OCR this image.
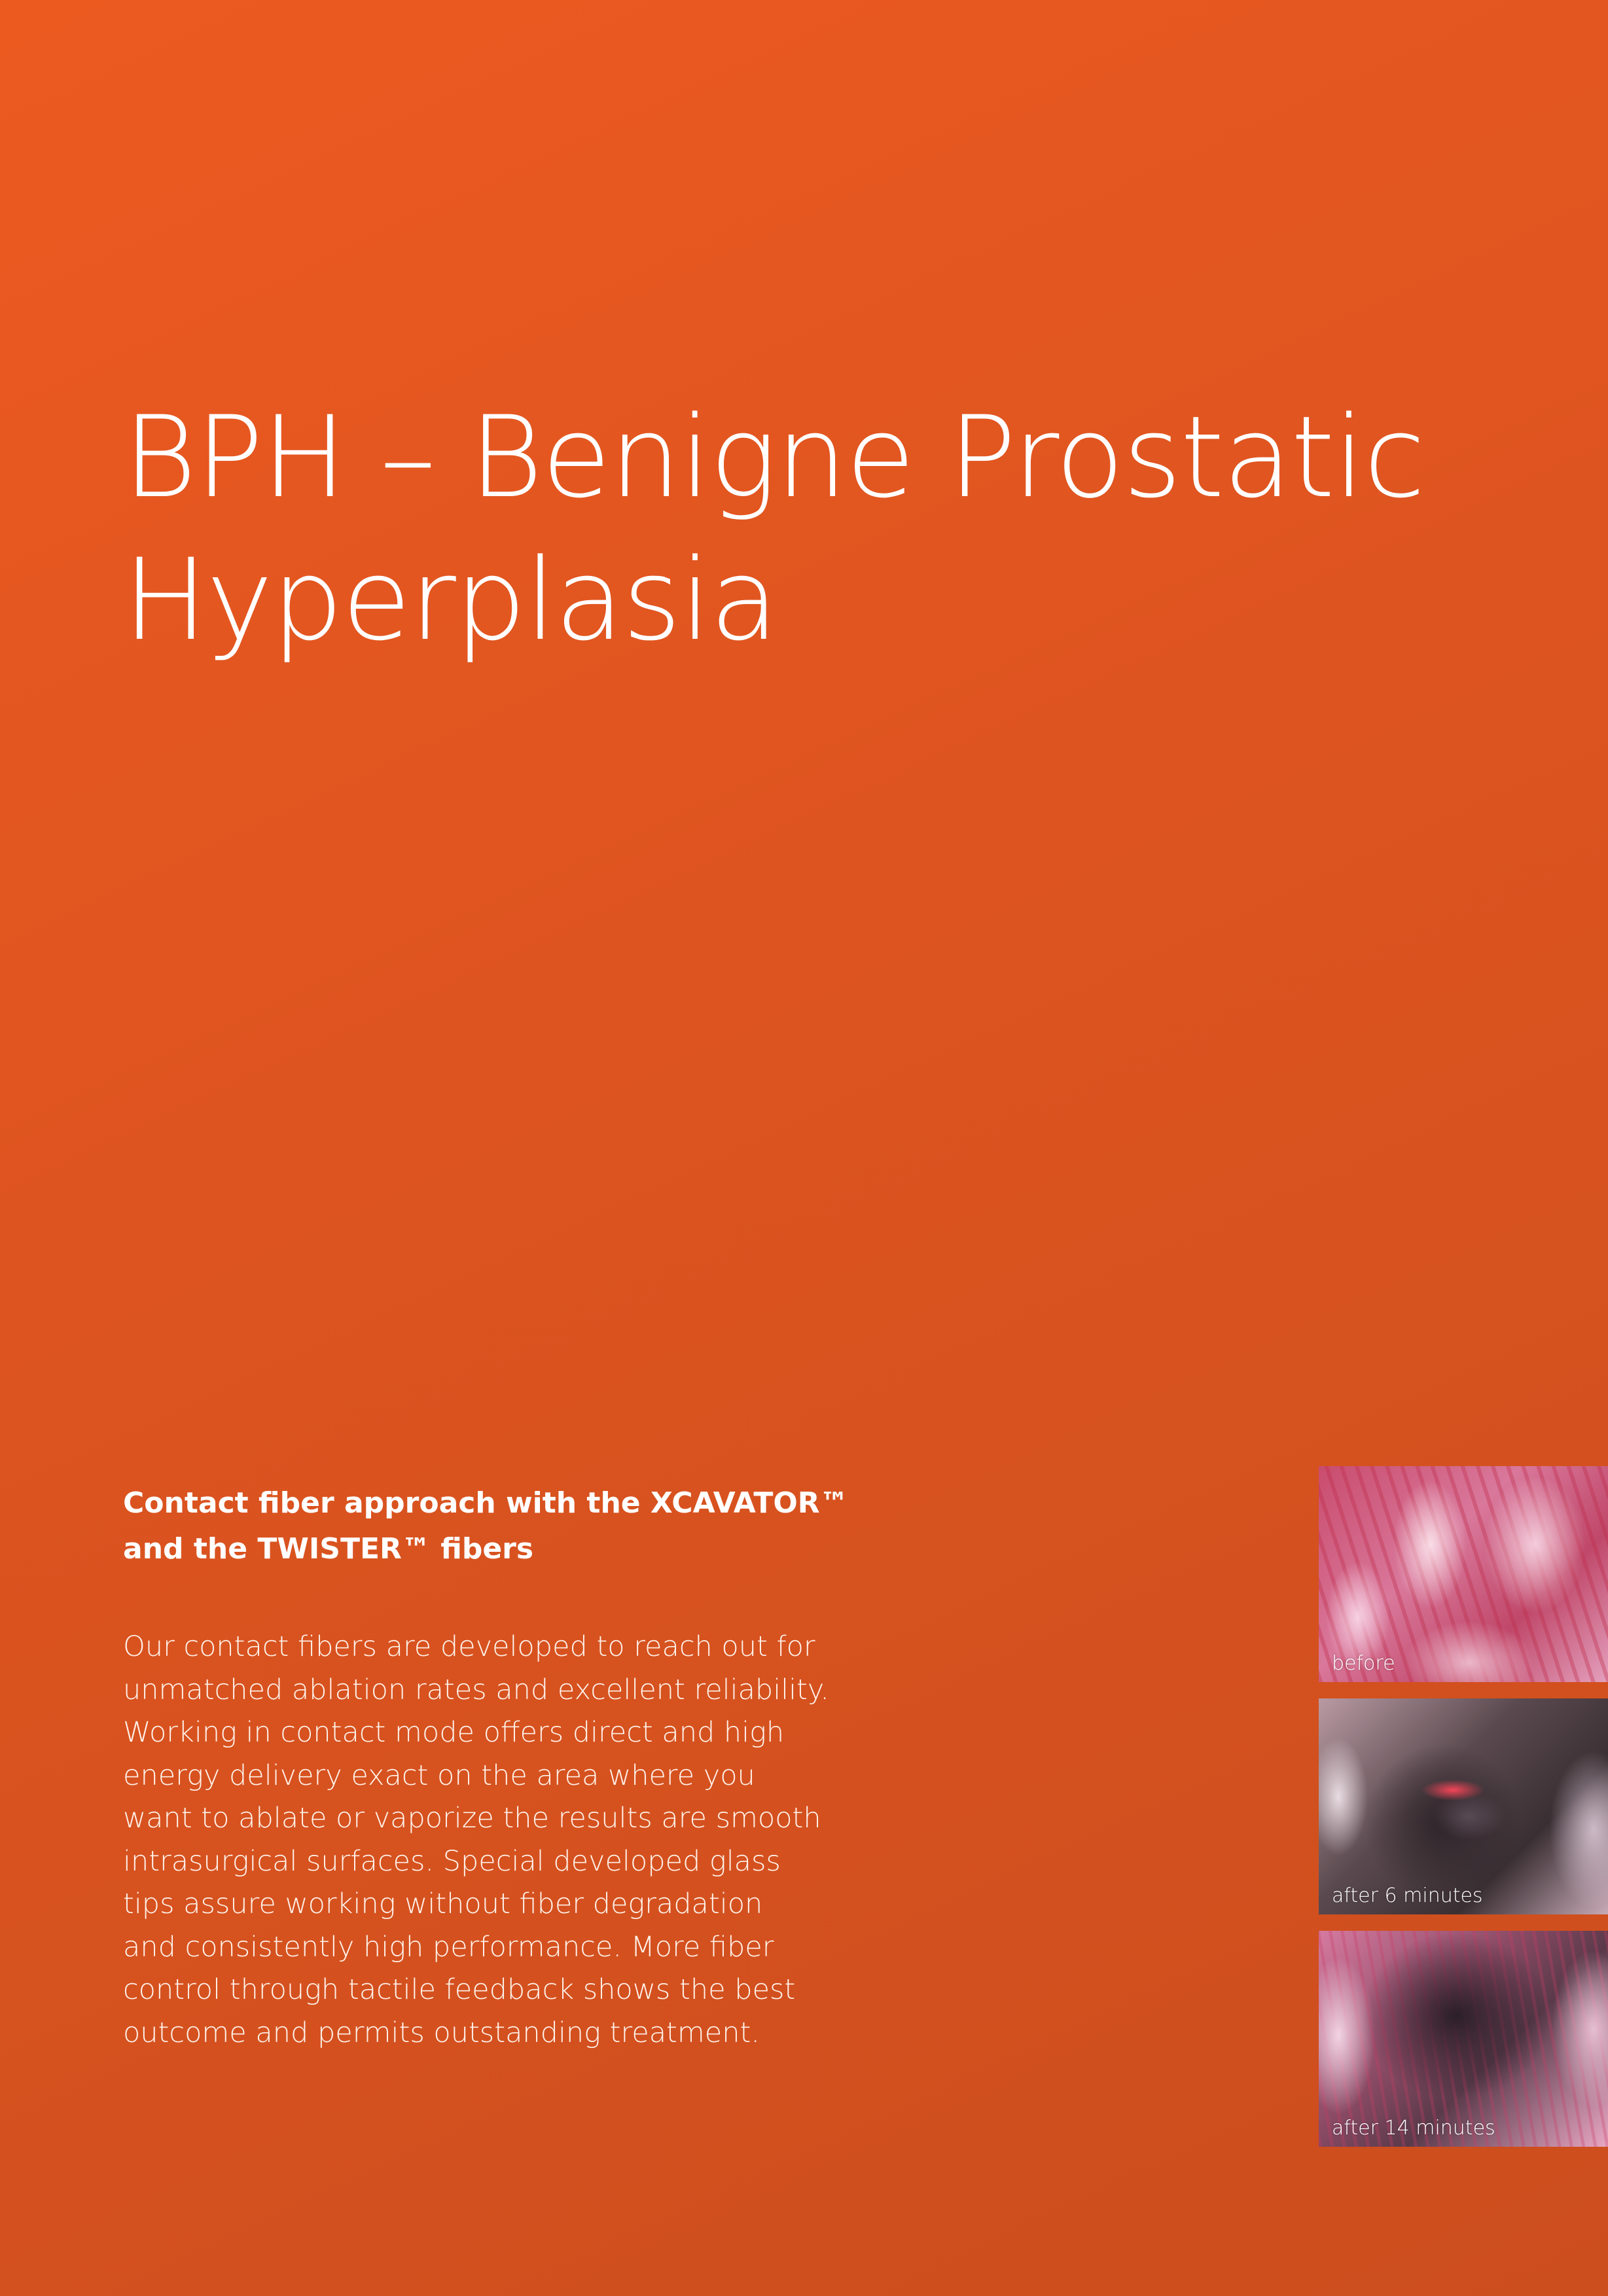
BPH – Benigne Prostatic
Hyperplasia
Contact fiber approach with the XCAVATOR™
and the TWISTER™ fibers

Our contact fibers are developed to reach out for
unmatched ablation rates and excellent reliability.
Working in contact mode offers direct and high
energy delivery exact on the area where you
want to ablate or vaporize the results are smooth
intrasurgical surfaces. Special developed glass
tips assure working without fiber degradation
and consistently high performance. More fiber
control through tactile feedback shows the best
outcome and permits outstanding treatment.

before
after 6 minutes
after 14 minutes
